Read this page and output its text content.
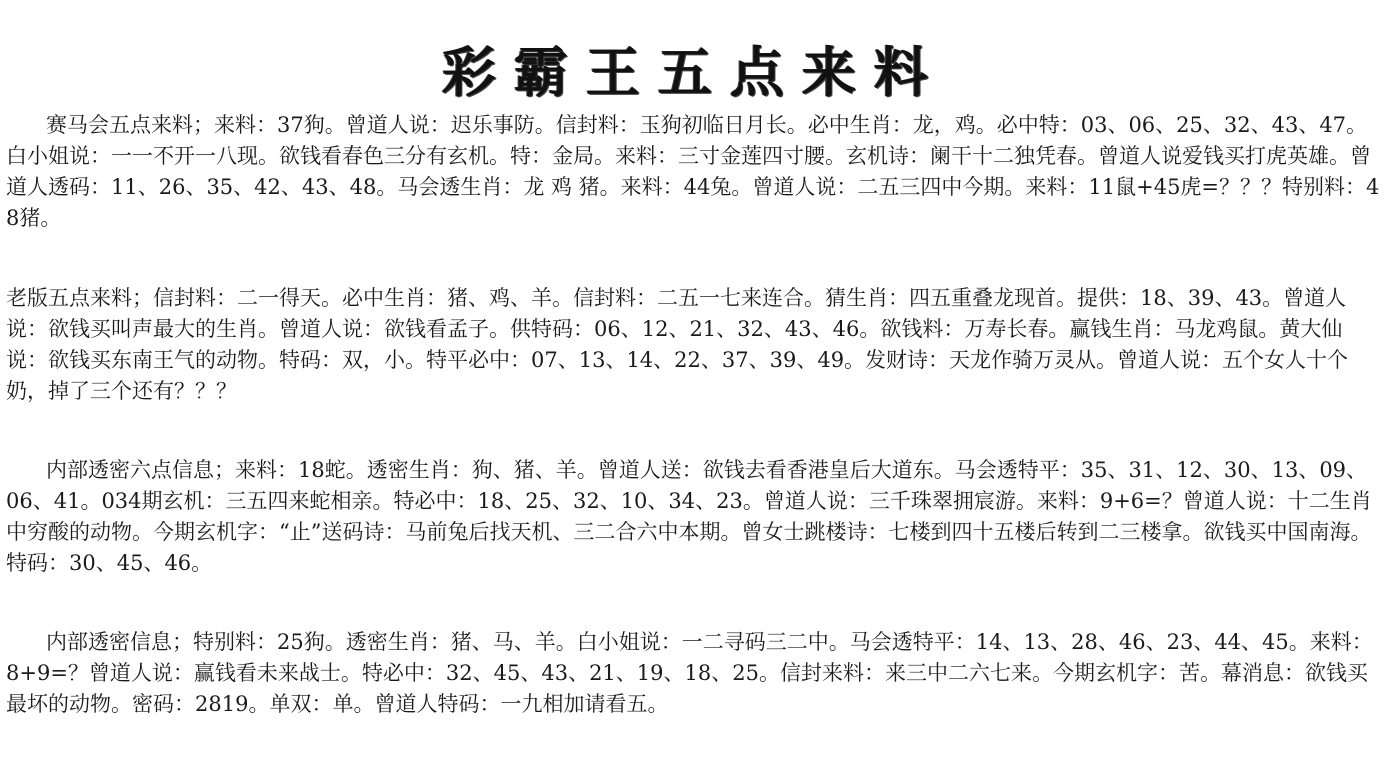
彩霸王五点来料

赛马会五点来料；来料：37狗。曾道人说：迟乐事防。信封料：玉狗初临日月长。必中生肖：龙，鸡。必中特：03、06、25、32、43、47。白小姐说：一一不开一八现。欲钱看春色三分有玄机。特：金局。来料：三寸金莲四寸腰。玄机诗：阑干十二独凭春。曾道人说爱钱买打虎英雄。曾道人透码：11、26、35、42、43、48。马会透生肖：龙 鸡 猪。来料：44兔。曾道人说：二五三四中今期。来料：11鼠+45虎=？？？特别料：48猪。

老版五点来料；信封料：二一得天。必中生肖：猪、鸡、羊。信封料：二五一七来连合。猜生肖：四五重叠龙现首。提供：18、39、43。曾道人说：欲钱买叫声最大的生肖。曾道人说：欲钱看孟子。供特码：06、12、21、32、43、46。欲钱料：万寿长春。赢钱生肖：马龙鸡鼠。黄大仙说：欲钱买东南王气的动物。特码：双，小。特平必中：07、13、14、22、37、39、49。发财诗：天龙作骑万灵从。曾道人说：五个女人十个奶，掉了三个还有？？？

内部透密六点信息；来料：18蛇。透密生肖：狗、猪、羊。曾道人送：欲钱去看香港皇后大道东。马会透特平：35、31、12、30、13、09、06、41。034期玄机：三五四来蛇相亲。特必中：18、25、32、10、34、23。曾道人说：三千珠翠拥宸游。来料：9+6=？曾道人说：十二生肖中穷酸的动物。今期玄机字：“止”送码诗：马前兔后找天机、三二合六中本期。曾女士跳楼诗：七楼到四十五楼后转到二三楼拿。欲钱买中国南海。特码：30、45、46。

内部透密信息；特别料：25狗。透密生肖：猪、马、羊。白小姐说：一二寻码三二中。马会透特平：14、13、28、46、23、44、45。来料：8+9=？曾道人说：赢钱看未来战士。特必中：32、45、43、21、19、18、25。信封来料：来三中二六七来。今期玄机字：苦。幕消息：欲钱买最坏的动物。密码：2819。单双：单。曾道人特码：一九相加请看五。
